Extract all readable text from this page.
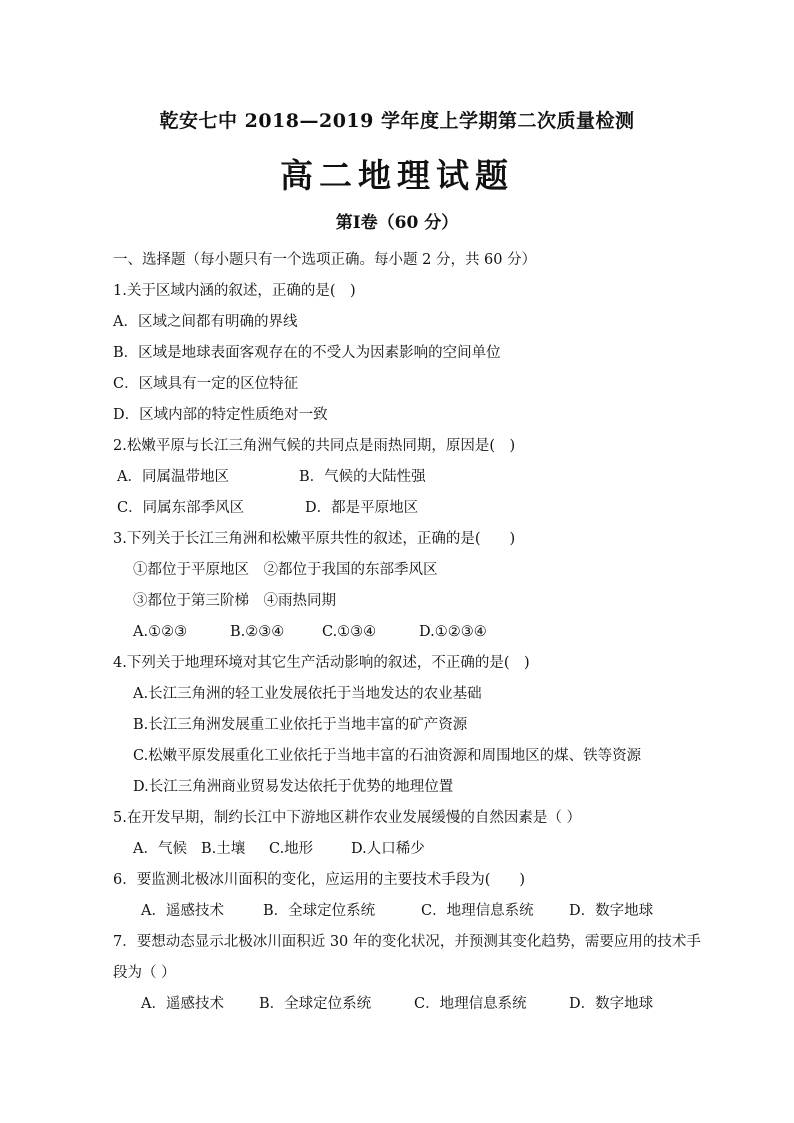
乾安七中 2018—2019 学年度上学期第二次质量检测
高二地理试题
第Ⅰ卷（60 分）
一、选择题（每小题只有一个选项正确。每小题 2 分，共 60 分）
1.关于区域内涵的叙述，正确的是(　)
A．区域之间都有明确的界线
B．区域是地球表面客观存在的不受人为因素影响的空间单位
C．区域具有一定的区位特征
D．区域内部的特定性质绝对一致
2.松嫩平原与长江三角洲气候的共同点是雨热同期，原因是(　)
A．同属温带地区	B．气候的大陆性强
C．同属东部季风区	D．都是平原地区
3.下列关于长江三角洲和松嫩平原共性的叙述，正确的是(　　)
①都位于平原地区　②都位于我国的东部季风区
③都位于第三阶梯　④雨热同期
A.①②③	B.②③④	C.①③④	D.①②③④
4.下列关于地理环境对其它生产活动影响的叙述，不正确的是(　)
A.长江三角洲的轻工业发展依托于当地发达的农业基础
B.长江三角洲发展重工业依托于当地丰富的矿产资源
C.松嫩平原发展重化工业依托于当地丰富的石油资源和周围地区的煤、铁等资源
D.长江三角洲商业贸易发达依托于优势的地理位置
5.在开发早期，制约长江中下游地区耕作农业发展缓慢的自然因素是（ ）
A．气候 B.土壤	C.地形	D.人口稀少
6．要监测北极冰川面积的变化，应运用的主要技术手段为(　　)
A．遥感技术	B．全球定位系统	C．地理信息系统	D．数字地球
7．要想动态显示北极冰川面积近 30 年的变化状况，并预测其变化趋势，需要应用的技术手
段为（ ）
A．遥感技术	B．全球定位系统	C．地理信息系统	D．数字地球
